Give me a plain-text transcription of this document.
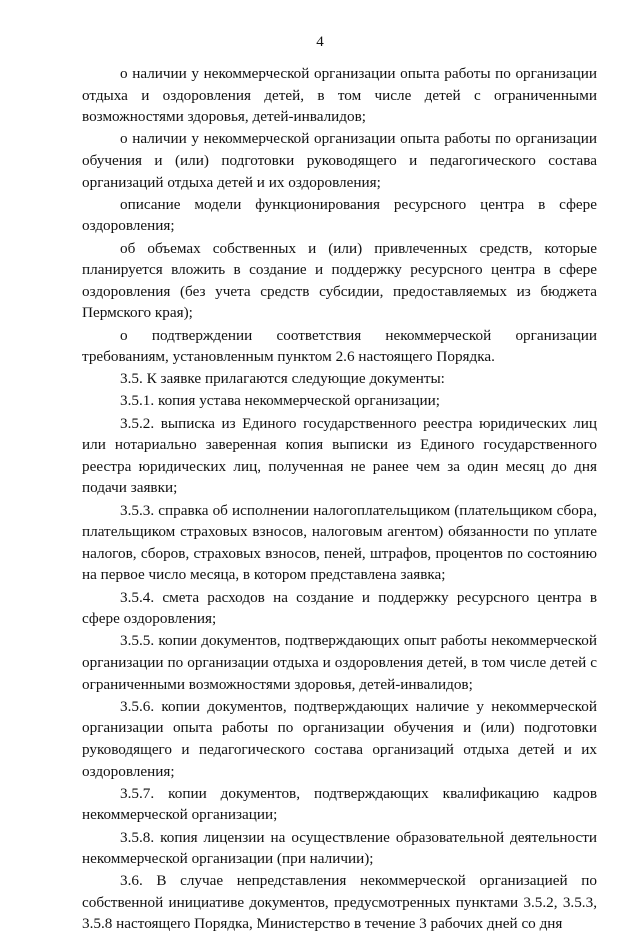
4

о наличии у некоммерческой организации опыта работы по организации отдыха и оздоровления детей, в том числе детей с ограниченными возможностями здоровья, детей-инвалидов;

о наличии у некоммерческой организации опыта работы по организации обучения и (или) подготовки руководящего и педагогического состава организаций отдыха детей и их оздоровления;

описание модели функционирования ресурсного центра в сфере оздоровления;

об объемах собственных и (или) привлеченных средств, которые планируется вложить в создание и поддержку ресурсного центра в сфере оздоровления (без учета средств субсидии, предоставляемых из бюджета Пермского края);

о подтверждении соответствия некоммерческой организации требованиям, установленным пунктом 2.6 настоящего Порядка.

3.5. К заявке прилагаются следующие документы:

3.5.1. копия устава некоммерческой организации;

3.5.2. выписка из Единого государственного реестра юридических лиц или нотариально заверенная копия выписки из Единого государственного реестра юридических лиц, полученная не ранее чем за один месяц до дня подачи заявки;

3.5.3. справка об исполнении налогоплательщиком (плательщиком сбора, плательщиком страховых взносов, налоговым агентом) обязанности по уплате налогов, сборов, страховых взносов, пеней, штрафов, процентов по состоянию на первое число месяца, в котором представлена заявка;

3.5.4. смета расходов на создание и поддержку ресурсного центра в сфере оздоровления;

3.5.5. копии документов, подтверждающих опыт работы некоммерческой организации по организации отдыха и оздоровления детей, в том числе детей с ограниченными возможностями здоровья, детей-инвалидов;

3.5.6. копии документов, подтверждающих наличие у некоммерческой организации опыта работы по организации обучения и (или) подготовки руководящего и педагогического состава организаций отдыха детей и их оздоровления;

3.5.7. копии документов, подтверждающих квалификацию кадров некоммерческой организации;

3.5.8. копия лицензии на осуществление образовательной деятельности некоммерческой организации (при наличии);

3.6. В случае непредставления некоммерческой организацией по собственной инициативе документов, предусмотренных пунктами 3.5.2, 3.5.3, 3.5.8 настоящего Порядка, Министерство в течение 3 рабочих дней со дня
